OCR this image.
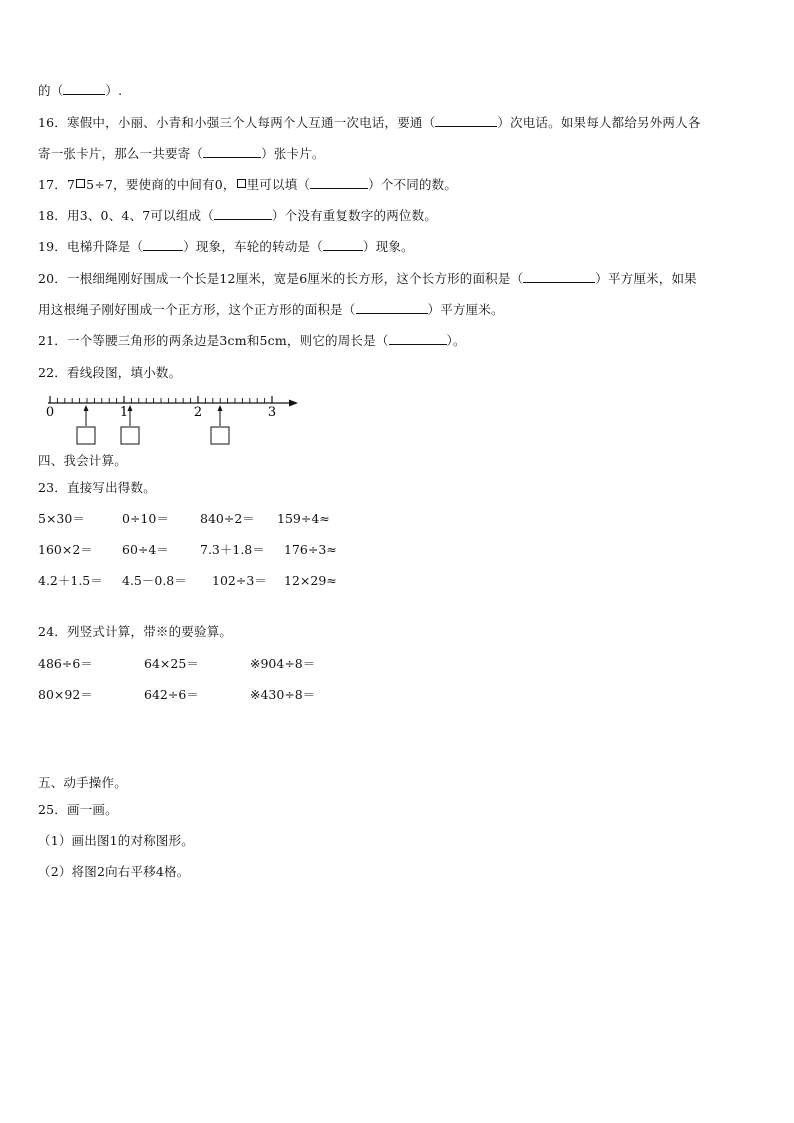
的（	）.
16．寒假中，小丽、小青和小强三个人每两个人互通一次电话，要通（	）次电话。如果每人都给另外两人各
寄一张卡片，那么一共要寄（	）张卡片。
17．7 5÷7，要使商的中间有0， 里可以填（	）个不同的数。
18．用3、0、4、7可以组成（	）个没有重复数字的两位数。
19．电梯升降是（	）现象，车轮的转动是（	）现象。
20．一根细绳刚好围成一个长是12厘米，宽是6厘米的长方形，这个长方形的面积是（	）平方厘米，如果
用这根绳子刚好围成一个正方形，这个正方形的面积是（	）平方厘米。
21．一个等腰三角形的两条边是3cm和5cm，则它的周长是（	）。
22．看线段图，填小数。
0	1	2	3
四、我会计算。
23．直接写出得数。
5×30＝	0÷10＝ 840÷2＝ 159÷4≈
160×2＝ 60÷4＝ 7.3＋1.8＝ 176÷3≈
4.2＋1.5＝ 4.5－0.8＝ 102÷3＝ 12×29≈
24．列竖式计算，带※的要验算。
486÷6＝	64×25＝	※904÷8＝
80×92＝	642÷6＝	※430÷8＝
五、动手操作。
25．画一画。
（1）画出图1的对称图形。
（2）将图2向右平移4格。
